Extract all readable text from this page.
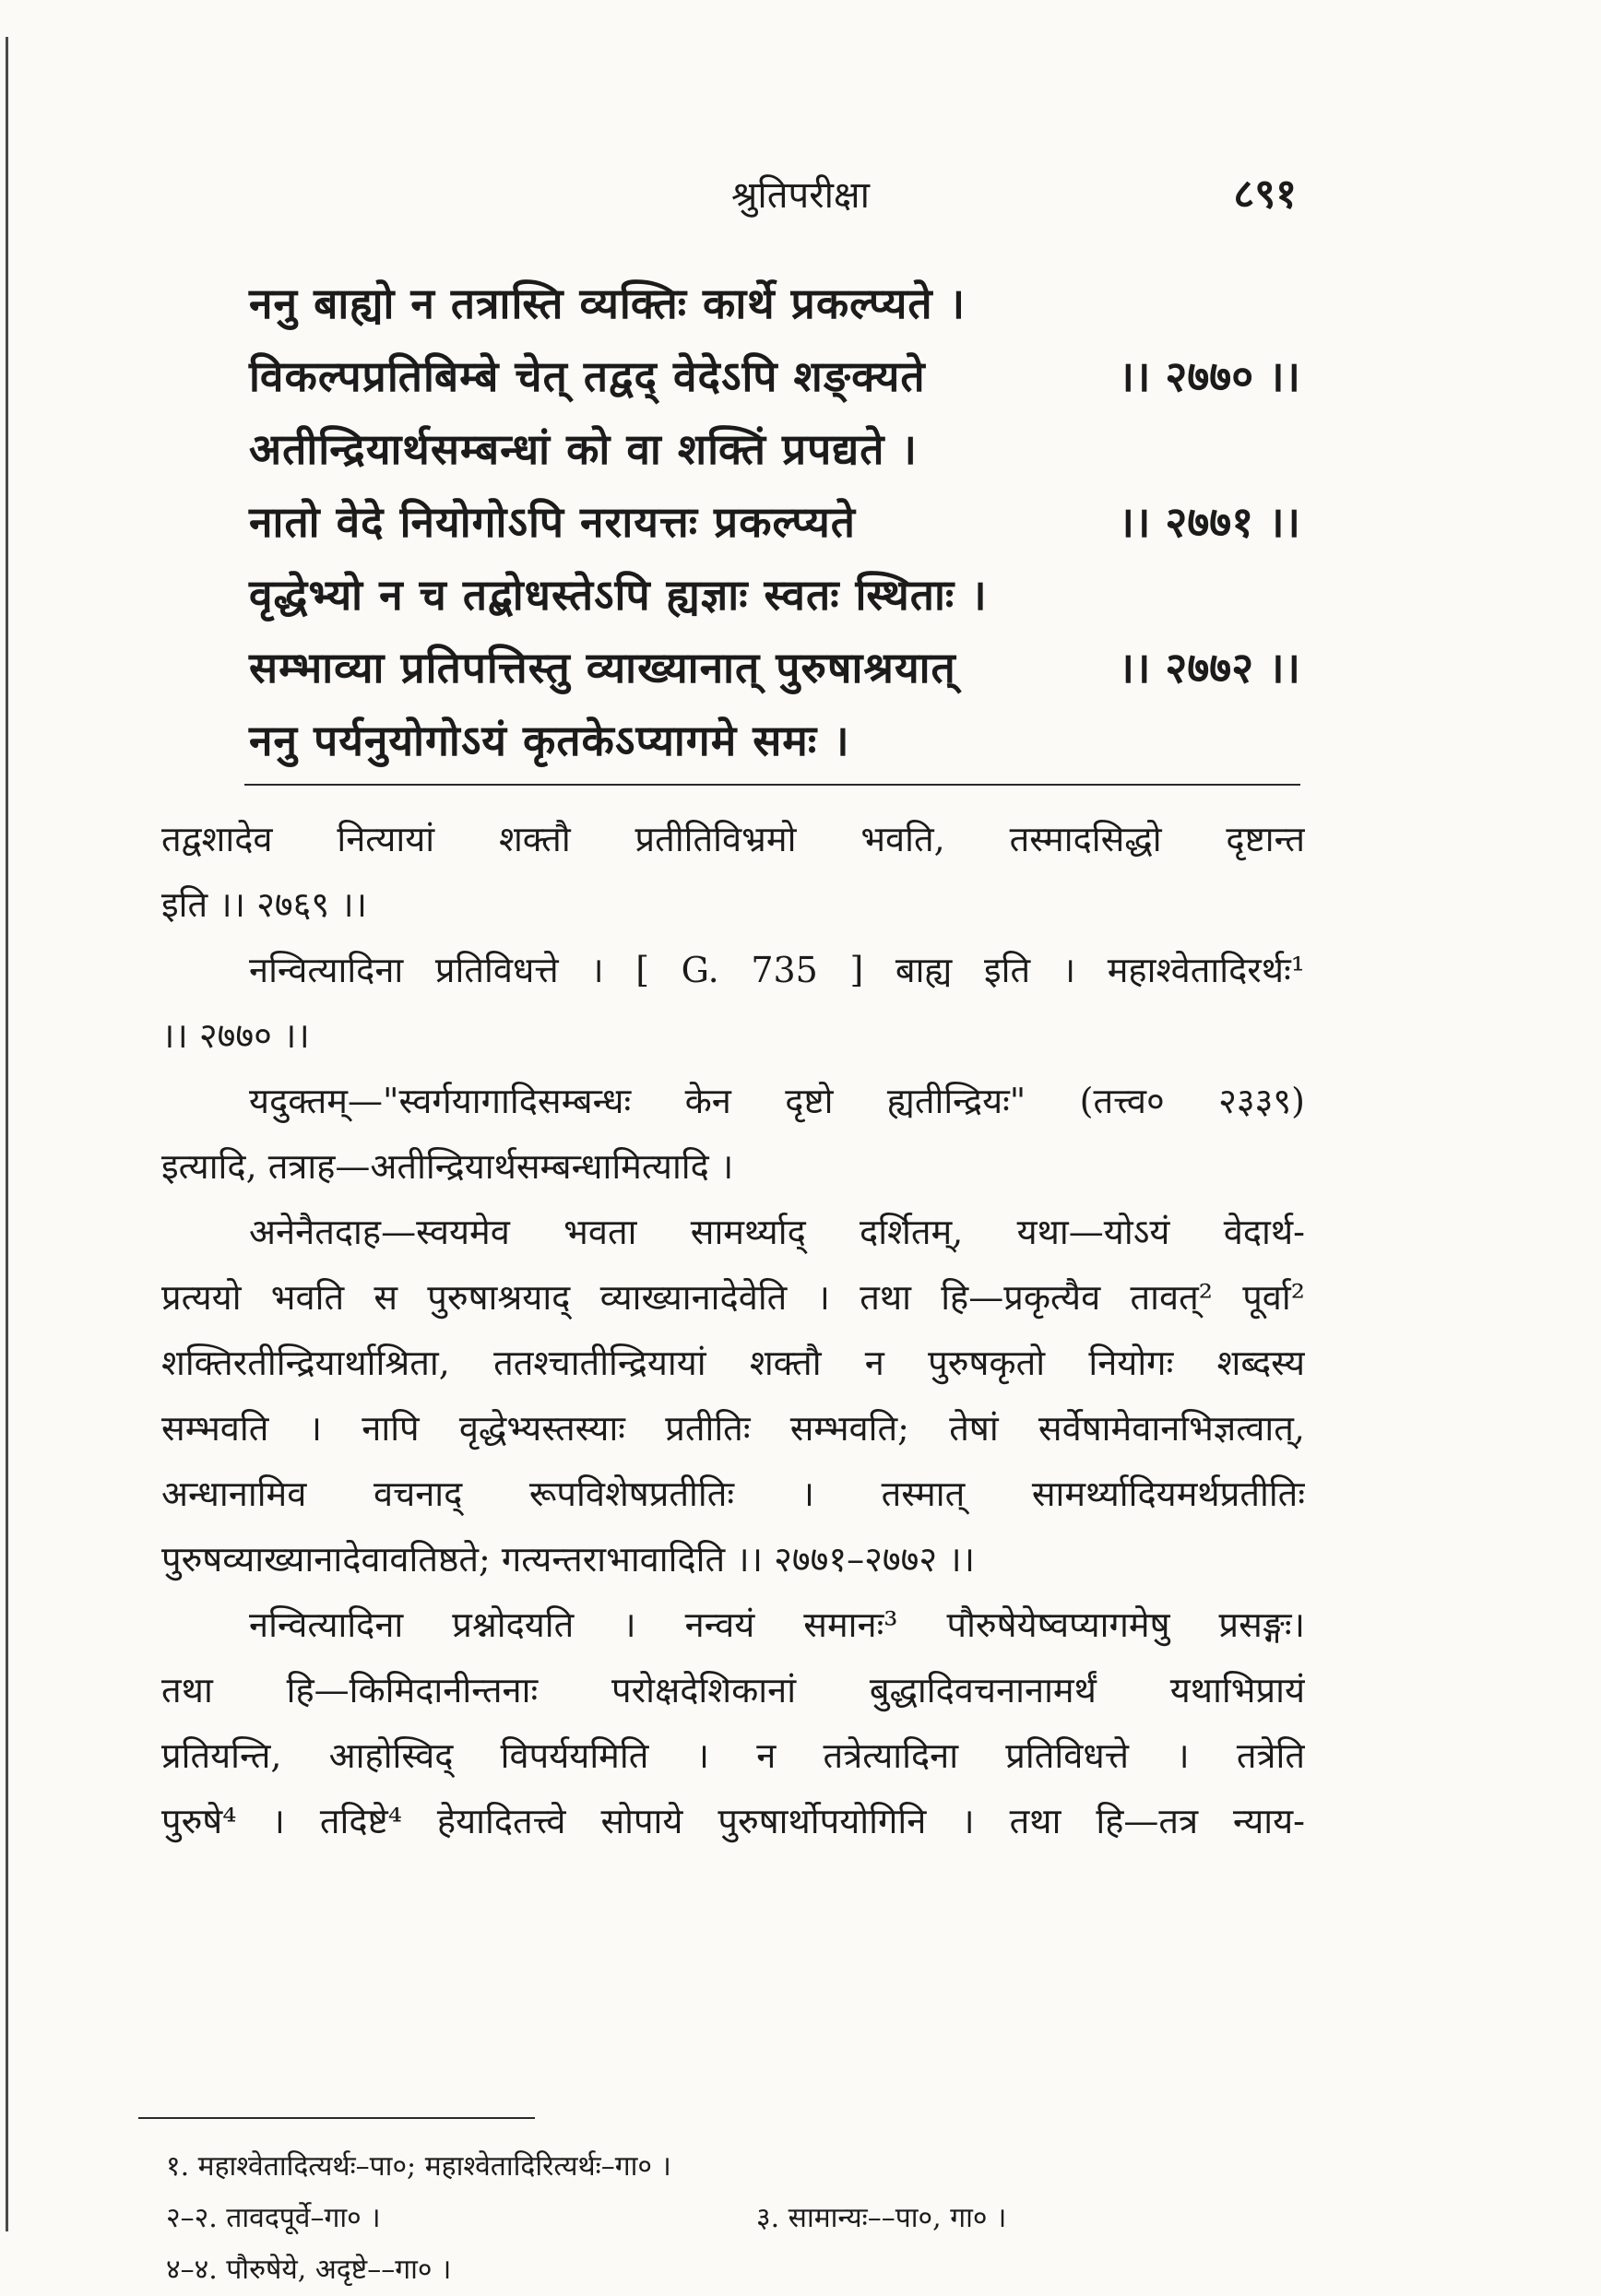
श्रुतिपरीक्षा	८९१
ननु बाह्यो न तत्रास्ति व्यक्तिः कार्थे प्रकल्प्यते ।
विकल्पप्रतिबिम्बे चेत् तद्वद् वेदेऽपि शङ्क्यते	।। २७७० ।।
अतीन्द्रियार्थसम्बन्धां को वा शक्तिं प्रपद्यते ।
नातो वेदे नियोगोऽपि नरायत्तः प्रकल्प्यते	।। २७७१ ।।
वृद्धेभ्यो न च तद्बोधस्तेऽपि ह्यज्ञाः स्वतः स्थिताः ।
सम्भाव्या प्रतिपत्तिस्तु व्याख्यानात् पुरुषाश्रयात्	।। २७७२ ।।
ननु पर्यनुयोगोऽयं कृतकेऽप्यागमे समः ।
तद्वशादेव नित्यायां शक्तौ प्रतीतिविभ्रमो भवति, तस्मादसिद्धो दृष्टान्त
इति ।। २७६९ ।।
नन्वित्यादिना प्रतिविधत्ते । [ G. 735 ] बाह्य इति । महाश्वेतादिरर्थः¹
।। २७७० ।।
यदुक्तम्—"स्वर्गयागादिसम्बन्धः केन दृष्टो ह्यतीन्द्रियः" (तत्त्व० २३३९)
इत्यादि, तत्राह—अतीन्द्रियार्थसम्बन्धामित्यादि ।
अनेनैतदाह—स्वयमेव भवता सामर्थ्याद् दर्शितम्, यथा—योऽयं वेदार्थ-
प्रत्ययो भवति स पुरुषाश्रयाद् व्याख्यानादेवेति । तथा हि—प्रकृत्यैव तावत्² पूर्वा²
शक्तिरतीन्द्रियार्थाश्रिता, ततश्चातीन्द्रियायां शक्तौ न पुरुषकृतो नियोगः शब्दस्य
सम्भवति । नापि वृद्धेभ्यस्तस्याः प्रतीतिः सम्भवति; तेषां सर्वेषामेवानभिज्ञत्वात्,
अन्धानामिव वचनाद् रूपविशेषप्रतीतिः । तस्मात् सामर्थ्यादियमर्थप्रतीतिः
पुरुषव्याख्यानादेवावतिष्ठते; गत्यन्तराभावादिति ।। २७७१–२७७२ ।।
नन्वित्यादिना प्रश्नोदयति । नन्वयं समानः³ पौरुषेयेष्वप्यागमेषु प्रसङ्गः।
तथा हि—किमिदानीन्तनाः परोक्षदेशिकानां बुद्धादिवचनानामर्थं यथाभिप्रायं
प्रतियन्ति, आहोस्विद् विपर्ययमिति । न तत्रेत्यादिना प्रतिविधत्ते । तत्रेति
पुरुषे⁴ । तदिष्टे⁴ हेयादितत्त्वे सोपाये पुरुषार्थोपयोगिनि । तथा हि—तत्र न्याय-
१. महाश्वेतादित्यर्थः–पा०; महाश्वेतादिरित्यर्थः–गा० ।
२–२. तावदपूर्वे–गा० ।	३. सामान्यः––पा०, गा० ।
४–४. पौरुषेये, अदृष्टे––गा० ।
